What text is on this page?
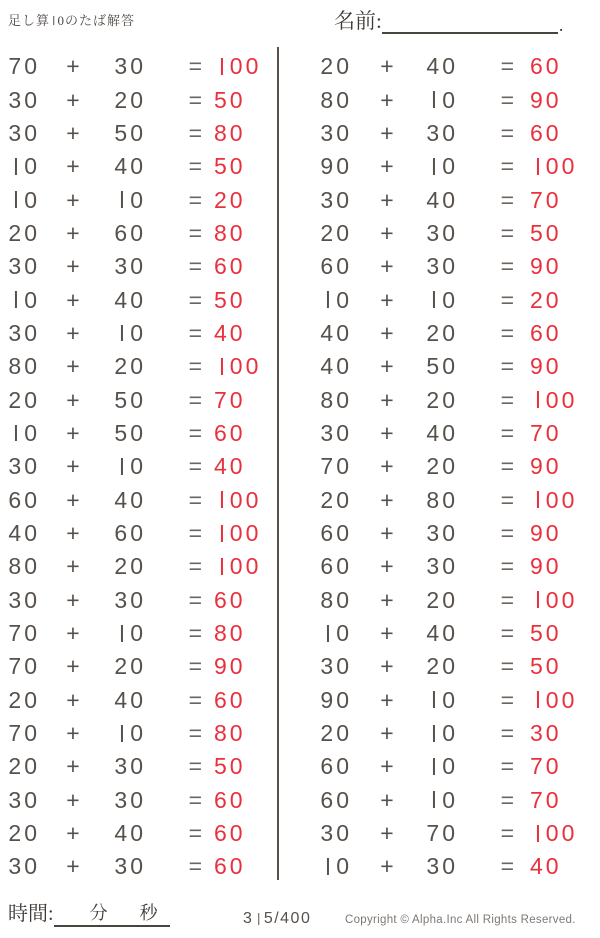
足し算 0のたば解答	名前:	.
70	+	30	=	00
30	+	20	= 50
30	+	50	= 80
0	+	40	= 50
0	+	0	= 20
20	+	60	= 80
30	+	30	= 60
0	+	40	= 50
30	+	0	= 40
80	+	20	=	00
20	+	50	= 70
0	+	50	= 60
30	+	0	= 40
60	+	40	=	00
40	+	60	=	00
80	+	20	=	00
30	+	30	= 60
70	+	0	= 80
70	+	20	= 90
20	+	40	= 60
70	+	0	= 80
20	+	30	= 50
30	+	30	= 60
20	+	40	= 60
30	+	30	= 60
20	+	40	= 60
80	+	0	= 90
30	+	30	= 60
90	+	0	=	00
30	+	40	= 70
20	+	30	= 50
60	+	30	= 90
0	+	0	= 20
40	+	20	= 60
40	+	50	= 90
80	+	20	=	00
30	+	40	= 70
70	+	20	= 90
20	+	80	=	00
60	+	30	= 90
60	+	30	= 90
80	+	20	=	00
0	+	40	= 50
30	+	20	= 50
90	+	0	=	00
20	+	0	= 30
60	+	0	= 70
60	+	0	= 70
30	+	70	=	00
0	+	30	= 40
時間: 分 秒	3 5/400	Copyright © Alpha.Inc All Rights Reserved.
